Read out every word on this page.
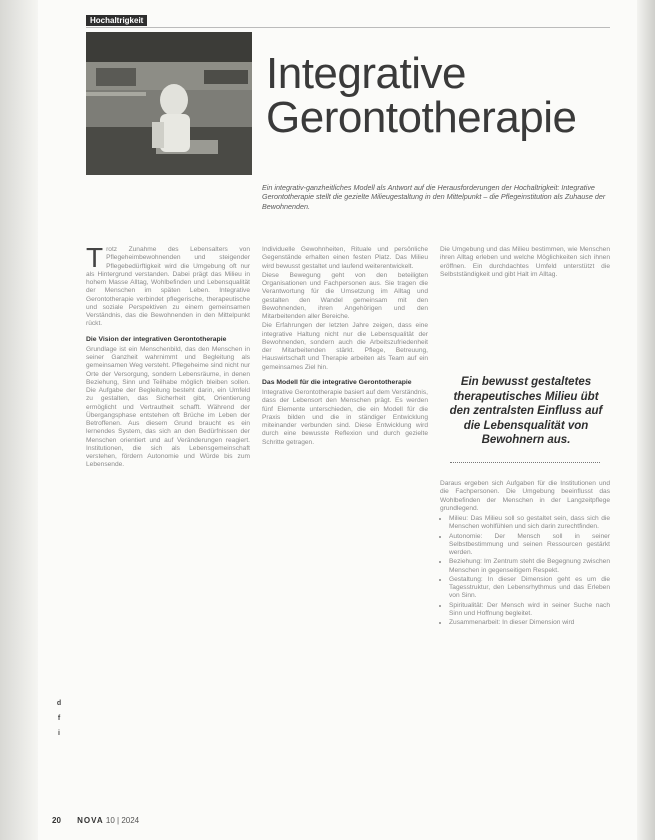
Hochaltrigkeit
Integrative
Gerontotherapie
Ein integrativ-ganzheitliches Modell als Antwort auf die Herausforderungen der Hochaltrigkeit: Integrative Gerontotherapie stellt die gezielte Milieugestaltung in den Mittelpunkt – die Pflegeinstitution als Zuhause der Bewohnenden.

Trotz Zunahme des Lebensalters von Pflegeheimbewohnenden und steigender Pflegebedürftigkeit wird die Umgebung oft nur als Hintergrund verstanden. Dabei prägt das Milieu in hohem Masse Alltag, Wohlbefinden und Lebensqualität der Menschen im späten Leben. Integrative Gerontotherapie verbindet pflegerische, therapeutische und soziale Perspektiven zu einem gemeinsamen Verständnis, das die Bewohnenden in den Mittelpunkt rückt.

Die Vision der integrativen Gerontotherapie

Grundlage ist ein Menschenbild, das den Menschen in seiner Ganzheit wahrnimmt und Begleitung als gemeinsamen Weg versteht. Pflegeheime sind nicht nur Orte der Versorgung, sondern Lebensräume, in denen Beziehung, Sinn und Teilhabe möglich bleiben sollen. Die Aufgabe der Begleitung besteht darin, ein Umfeld zu gestalten, das Sicherheit gibt, Orientierung ermöglicht und Vertrautheit schafft. Während der Übergangsphase entstehen oft Brüche im Leben der Betroffenen. Aus diesem Grund braucht es ein lernendes System, das sich an den Bedürfnissen der Menschen orientiert und auf Veränderungen reagiert. Institutionen, die sich als Lebensgemeinschaft verstehen, fördern Autonomie und Würde bis zum Lebensende.

Individuelle Gewohnheiten, Rituale und persönliche Gegenstände erhalten einen festen Platz. Das Milieu wird bewusst gestaltet und laufend weiterentwickelt.

Diese Bewegung geht von den beteiligten Organisationen und Fachpersonen aus. Sie tragen die Verantwortung für die Umsetzung im Alltag und gestalten den Wandel gemeinsam mit den Bewohnenden, ihren Angehörigen und den Mitarbeitenden aller Bereiche.

Die Erfahrungen der letzten Jahre zeigen, dass eine integrative Haltung nicht nur die Lebensqualität der Bewohnenden, sondern auch die Arbeitszufriedenheit der Mitarbeitenden stärkt. Pflege, Betreuung, Hauswirtschaft und Therapie arbeiten als Team auf ein gemeinsames Ziel hin.

Das Modell für die integrative Gerontotherapie

Integrative Gerontotherapie basiert auf dem Verständnis, dass der Lebensort den Menschen prägt. Es werden fünf Elemente unterschieden, die ein Modell für die Praxis bilden und die in ständiger Entwicklung miteinander verbunden sind. Diese Entwicklung wird durch eine bewusste Reflexion und durch gezielte Schritte getragen.

Die Umgebung und das Milieu bestimmen, wie Menschen ihren Alltag erleben und welche Möglichkeiten sich ihnen eröffnen. Ein durchdachtes Umfeld unterstützt die Selbstständigkeit und gibt Halt im Alltag.

Ein bewusst gestaltetes therapeutisches Milieu übt den zentralsten Einfluss auf die Lebensqualität von Bewohnern aus.

Daraus ergeben sich Aufgaben für die Institutionen und die Fachpersonen. Die Umgebung beeinflusst das Wohlbefinden der Menschen in der Langzeitpflege grundlegend.

• Milieu: Das Milieu soll so gestaltet sein, dass sich die Menschen wohlfühlen und sich darin zurechtfinden.
• Autonomie: Der Mensch soll in seiner Selbstbestimmung und seinen Ressourcen gestärkt werden.
• Beziehung: Im Zentrum steht die Begegnung zwischen Menschen in gegenseitigem Respekt.
• Gestaltung: In dieser Dimension geht es um die Tagesstruktur, den Lebensrhythmus und das Erleben von Sinn.
• Spiritualität: Der Mensch wird in seiner Suche nach Sinn und Hoffnung begleitet.
• Zusammenarbeit: In dieser Dimension wird
d
f
i
20 NOVA 10 | 2024
